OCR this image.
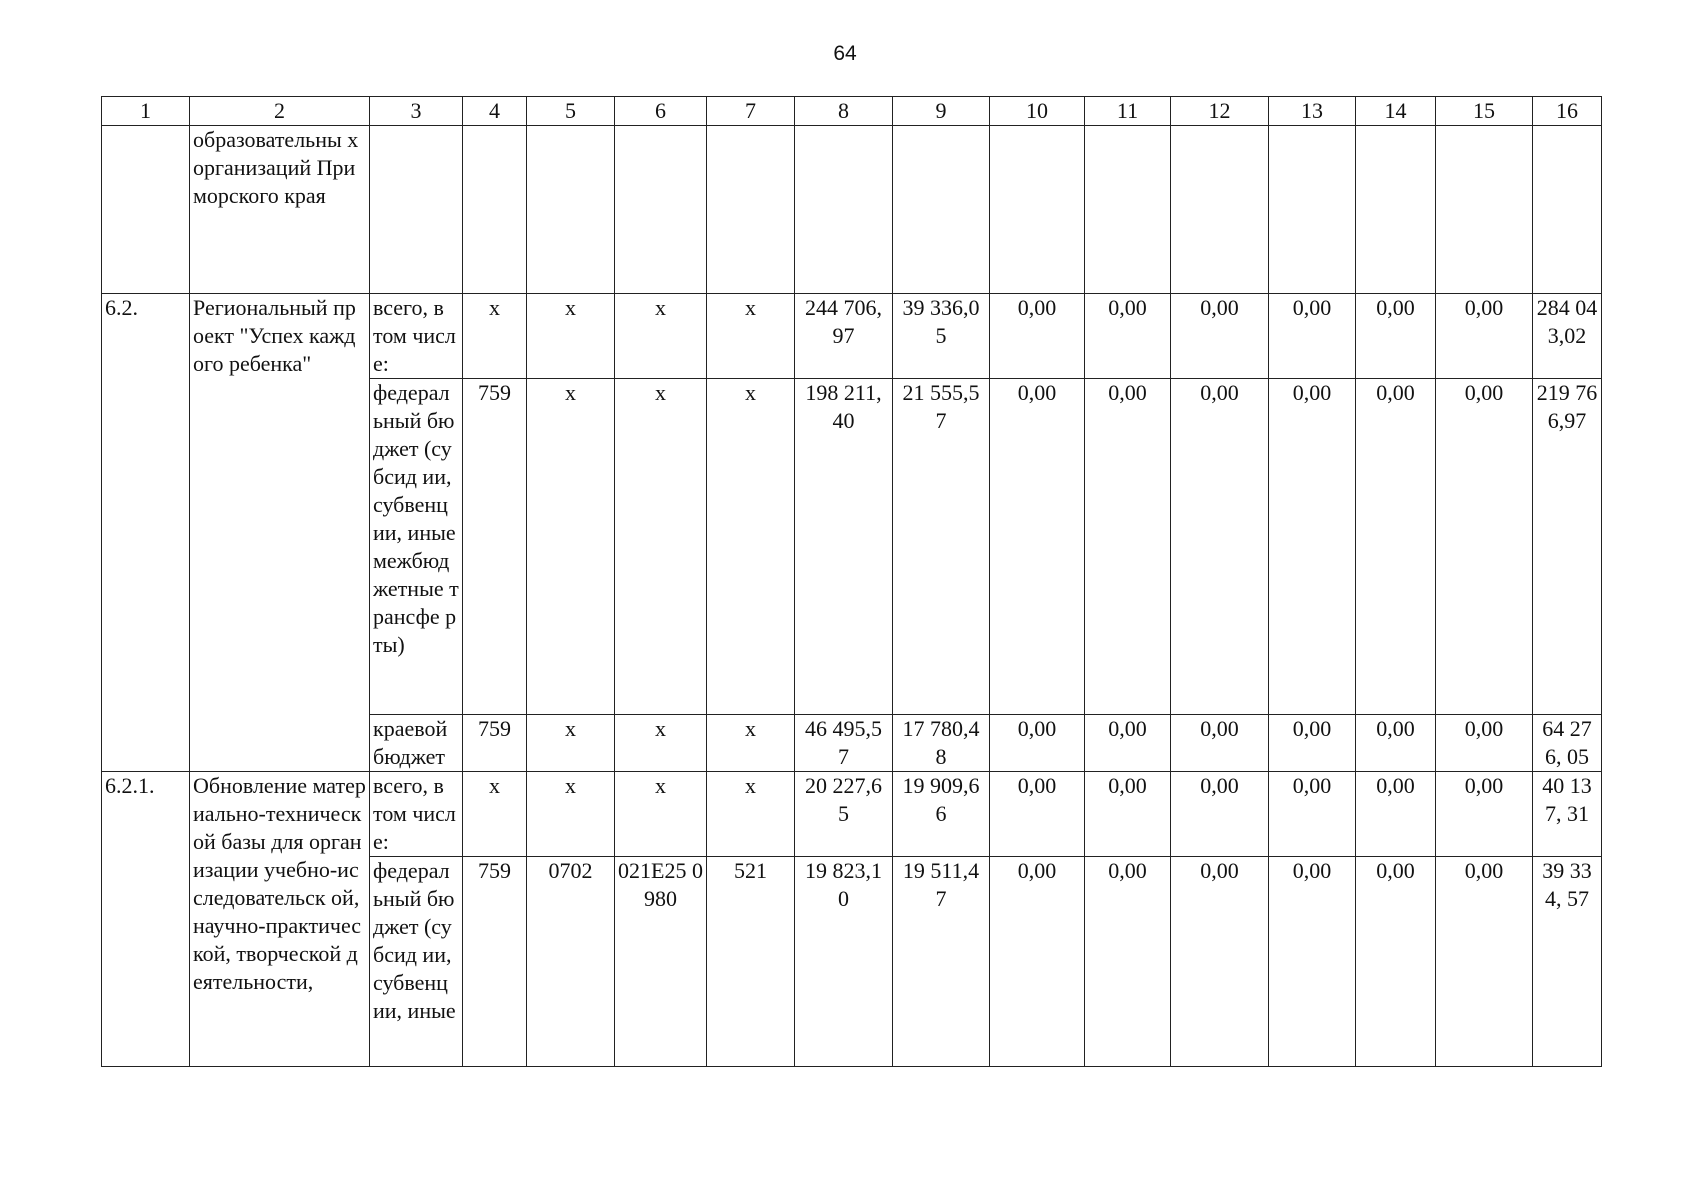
64
1	2	3	4	5	6	7	8	9	10	11	12	13	14	15	16
	образовательны х организаций Приморского края														
6.2.	Региональный проект "Успех каждого ребенка"	всего, в том числе:	х	х	х	х	244 706, 97	39 336,0 5	0,00	0,00	0,00	0,00	0,00	0,00	284 04 3,02
		федерал ьный бюджет (субсид ии, субвенц ии, иные межбюд жетные трансфе рты)	759	х	х	х	198 211, 40	21 555,5 7	0,00	0,00	0,00	0,00	0,00	0,00	219 76 6,97
		краевой бюджет	759	х	х	х	46 495,5 7	17 780,4 8	0,00	0,00	0,00	0,00	0,00	0,00	64 276, 05
6.2.1.	Обновление материально-технической базы для организации учебно-исследовательск ой, научно-практической, творческой деятельности,	всего, в том числе:	х	х	х	х	20 227,6 5	19 909,6 6	0,00	0,00	0,00	0,00	0,00	0,00	40 137, 31
		федерал ьный бюджет (субсид ии, субвенц ии, иные	759	0702	021Е25 0980	521	19 823,1 0	19 511,4 7	0,00	0,00	0,00	0,00	0,00	0,00	39 334, 57
